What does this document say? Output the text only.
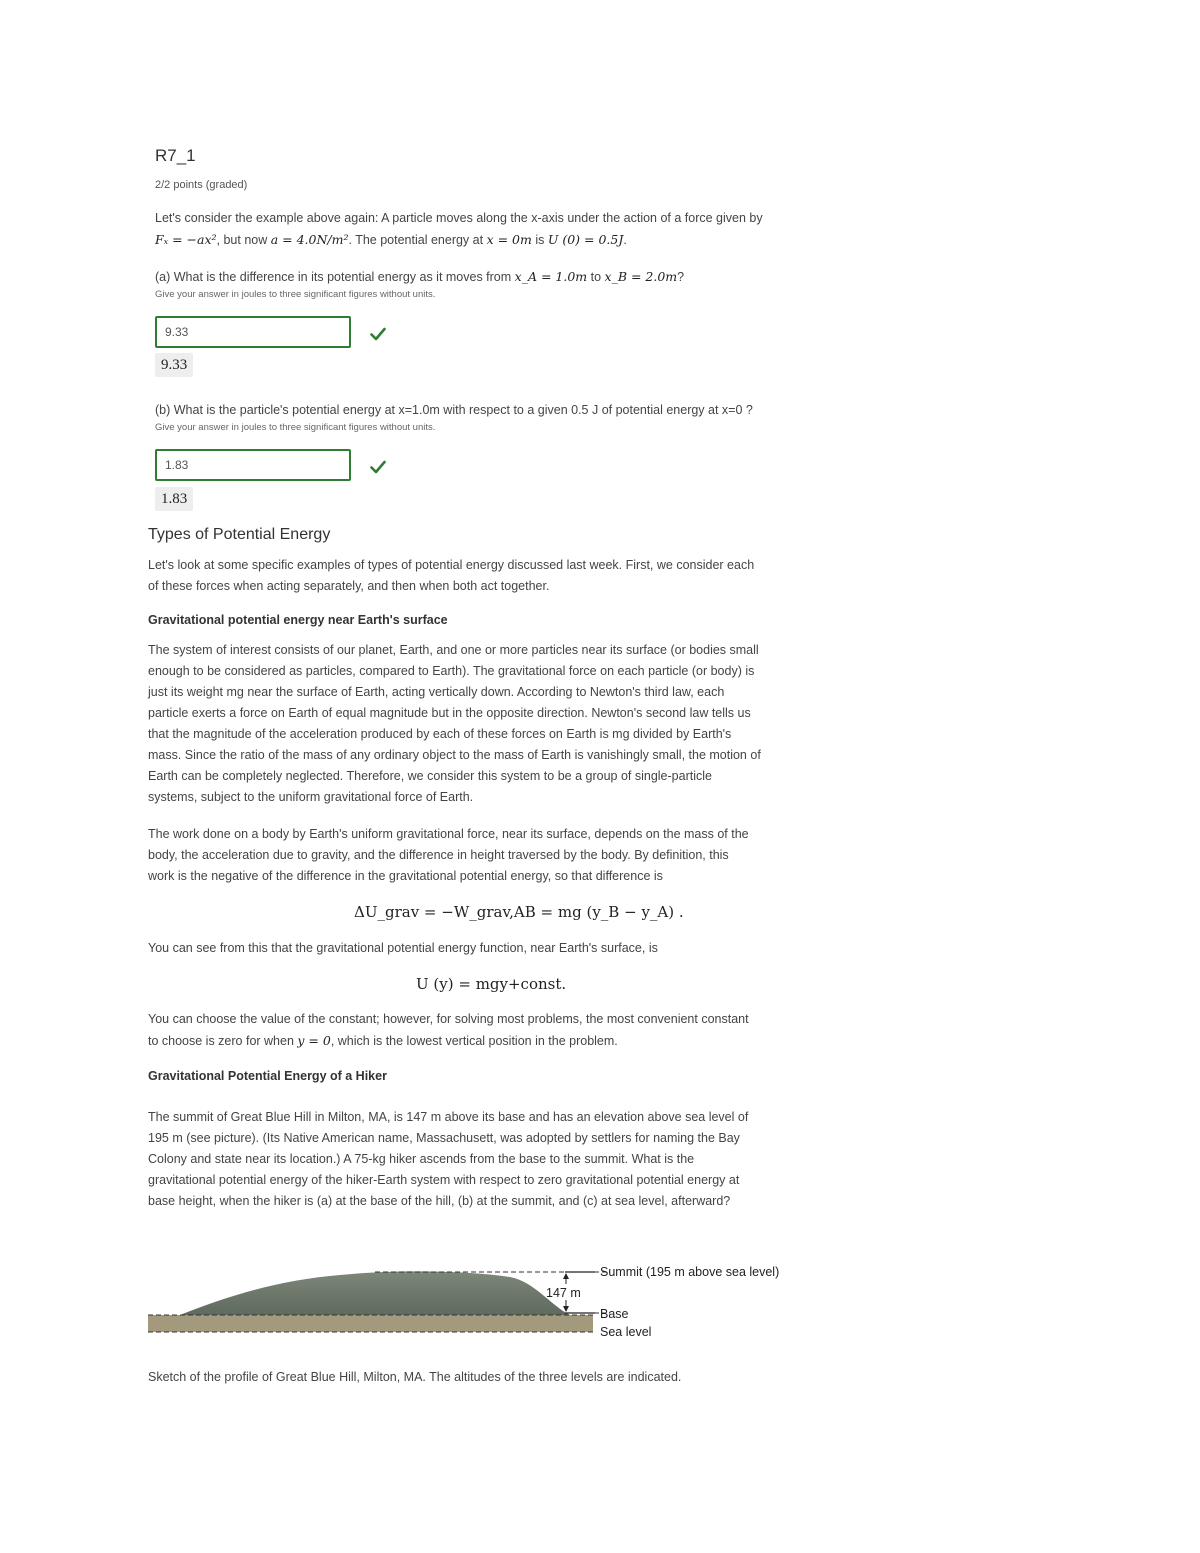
R7_1
2/2 points (graded)
Let's consider the example above again: A particle moves along the x-axis under the action of a force given by
Fₓ = −ax², but now a = 4.0N/m². The potential energy at x = 0m is U (0) = 0.5J.
(a) What is the difference in its potential energy as it moves from x_A = 1.0m to x_B = 2.0m?
Give your answer in joules to three significant figures without units.
9.33
9.33
(b) What is the particle's potential energy at x=1.0m with respect to a given 0.5 J of potential energy at x=0 ?
Give your answer in joules to three significant figures without units.
1.83
1.83
Types of Potential Energy
Let's look at some specific examples of types of potential energy discussed last week. First, we consider each
of these forces when acting separately, and then when both act together.
Gravitational potential energy near Earth's surface
The system of interest consists of our planet, Earth, and one or more particles near its surface (or bodies small
enough to be considered as particles, compared to Earth). The gravitational force on each particle (or body) is
just its weight mg near the surface of Earth, acting vertically down. According to Newton's third law, each
particle exerts a force on Earth of equal magnitude but in the opposite direction. Newton's second law tells us
that the magnitude of the acceleration produced by each of these forces on Earth is mg divided by Earth's
mass. Since the ratio of the mass of any ordinary object to the mass of Earth is vanishingly small, the motion of
Earth can be completely neglected. Therefore, we consider this system to be a group of single-particle
systems, subject to the uniform gravitational force of Earth.
The work done on a body by Earth's uniform gravitational force, near its surface, depends on the mass of the
body, the acceleration due to gravity, and the difference in height traversed by the body. By definition, this
work is the negative of the difference in the gravitational potential energy, so that difference is
ΔU_grav = −W_grav,AB = mg (y_B − y_A) .
You can see from this that the gravitational potential energy function, near Earth's surface, is
U (y) = mgy+const.
You can choose the value of the constant; however, for solving most problems, the most convenient constant
to choose is zero for when y = 0, which is the lowest vertical position in the problem.
Gravitational Potential Energy of a Hiker
The summit of Great Blue Hill in Milton, MA, is 147 m above its base and has an elevation above sea level of
195 m (see picture). (Its Native American name, Massachusett, was adopted by settlers for naming the Bay
Colony and state near its location.) A 75-kg hiker ascends from the base to the summit. What is the
gravitational potential energy of the hiker-Earth system with respect to zero gravitational potential energy at
base height, when the hiker is (a) at the base of the hill, (b) at the summit, and (c) at sea level, afterward?
Summit (195 m above sea level)
147 m
Base
Sea level
Sketch of the profile of Great Blue Hill, Milton, MA. The altitudes of the three levels are indicated.
